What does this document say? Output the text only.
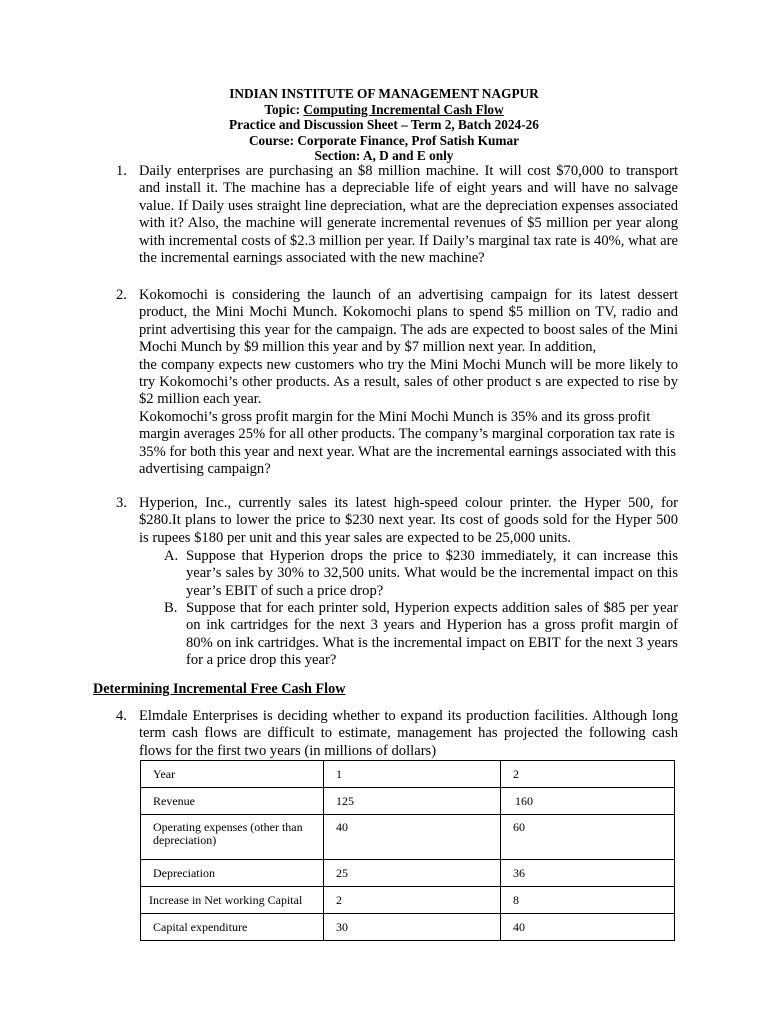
INDIAN INSTITUTE OF MANAGEMENT NAGPUR
Topic: Computing Incremental Cash Flow
Practice and Discussion Sheet – Term 2, Batch 2024-26
Course: Corporate Finance, Prof Satish Kumar
Section: A, D and E only
1. Daily enterprises are purchasing an $8 million machine. It will cost $70,000 to transport and install it. The machine has a depreciable life of eight years and will have no salvage value. If Daily uses straight line depreciation, what are the depreciation expenses associated with it? Also, the machine will generate incremental revenues of $5 million per year along with incremental costs of $2.3 million per year. If Daily’s marginal tax rate is 40%, what are the incremental earnings associated with the new machine?

2. Kokomochi is considering the launch of an advertising campaign for its latest dessert product, the Mini Mochi Munch. Kokomochi plans to spend $5 million on TV, radio and print advertising this year for the campaign. The ads are expected to boost sales of the Mini Mochi Munch by $9 million this year and by $7 million next year. In addition,

the company expects new customers who try the Mini Mochi Munch will be more likely to try Kokomochi’s other products. As a result, sales of other product s are expected to rise by $2 million each year.

Kokomochi’s gross profit margin for the Mini Mochi Munch is 35% and its gross profit margin averages 25% for all other products. The company’s marginal corporation tax rate is 35% for both this year and next year. What are the incremental earnings associated with this advertising campaign?

3. Hyperion, Inc., currently sales its latest high-speed colour printer. the Hyper 500, for $280.It plans to lower the price to $230 next year. Its cost of goods sold for the Hyper 500 is rupees $180 per unit and this year sales are expected to be 25,000 units.

A. Suppose that Hyperion drops the price to $230 immediately, it can increase this year’s sales by 30% to 32,500 units. What would be the incremental impact on this year’s EBIT of such a price drop?

B. Suppose that for each printer sold, Hyperion expects addition sales of $85 per year on ink cartridges for the next 3 years and Hyperion has a gross profit margin of 80% on ink cartridges. What is the incremental impact on EBIT for the next 3 years for a price drop this year?

Determining Incremental Free Cash Flow
4. Elmdale Enterprises is deciding whether to expand its production facilities. Although long term cash flows are difficult to estimate, management has projected the following cash flows for the first two years (in millions of dollars)

Year	1	2
Revenue	125	160
Operating expenses (other than depreciation)	40	60
Depreciation	25	36
Increase in Net working Capital	2	8
Capital expenditure	30	40
